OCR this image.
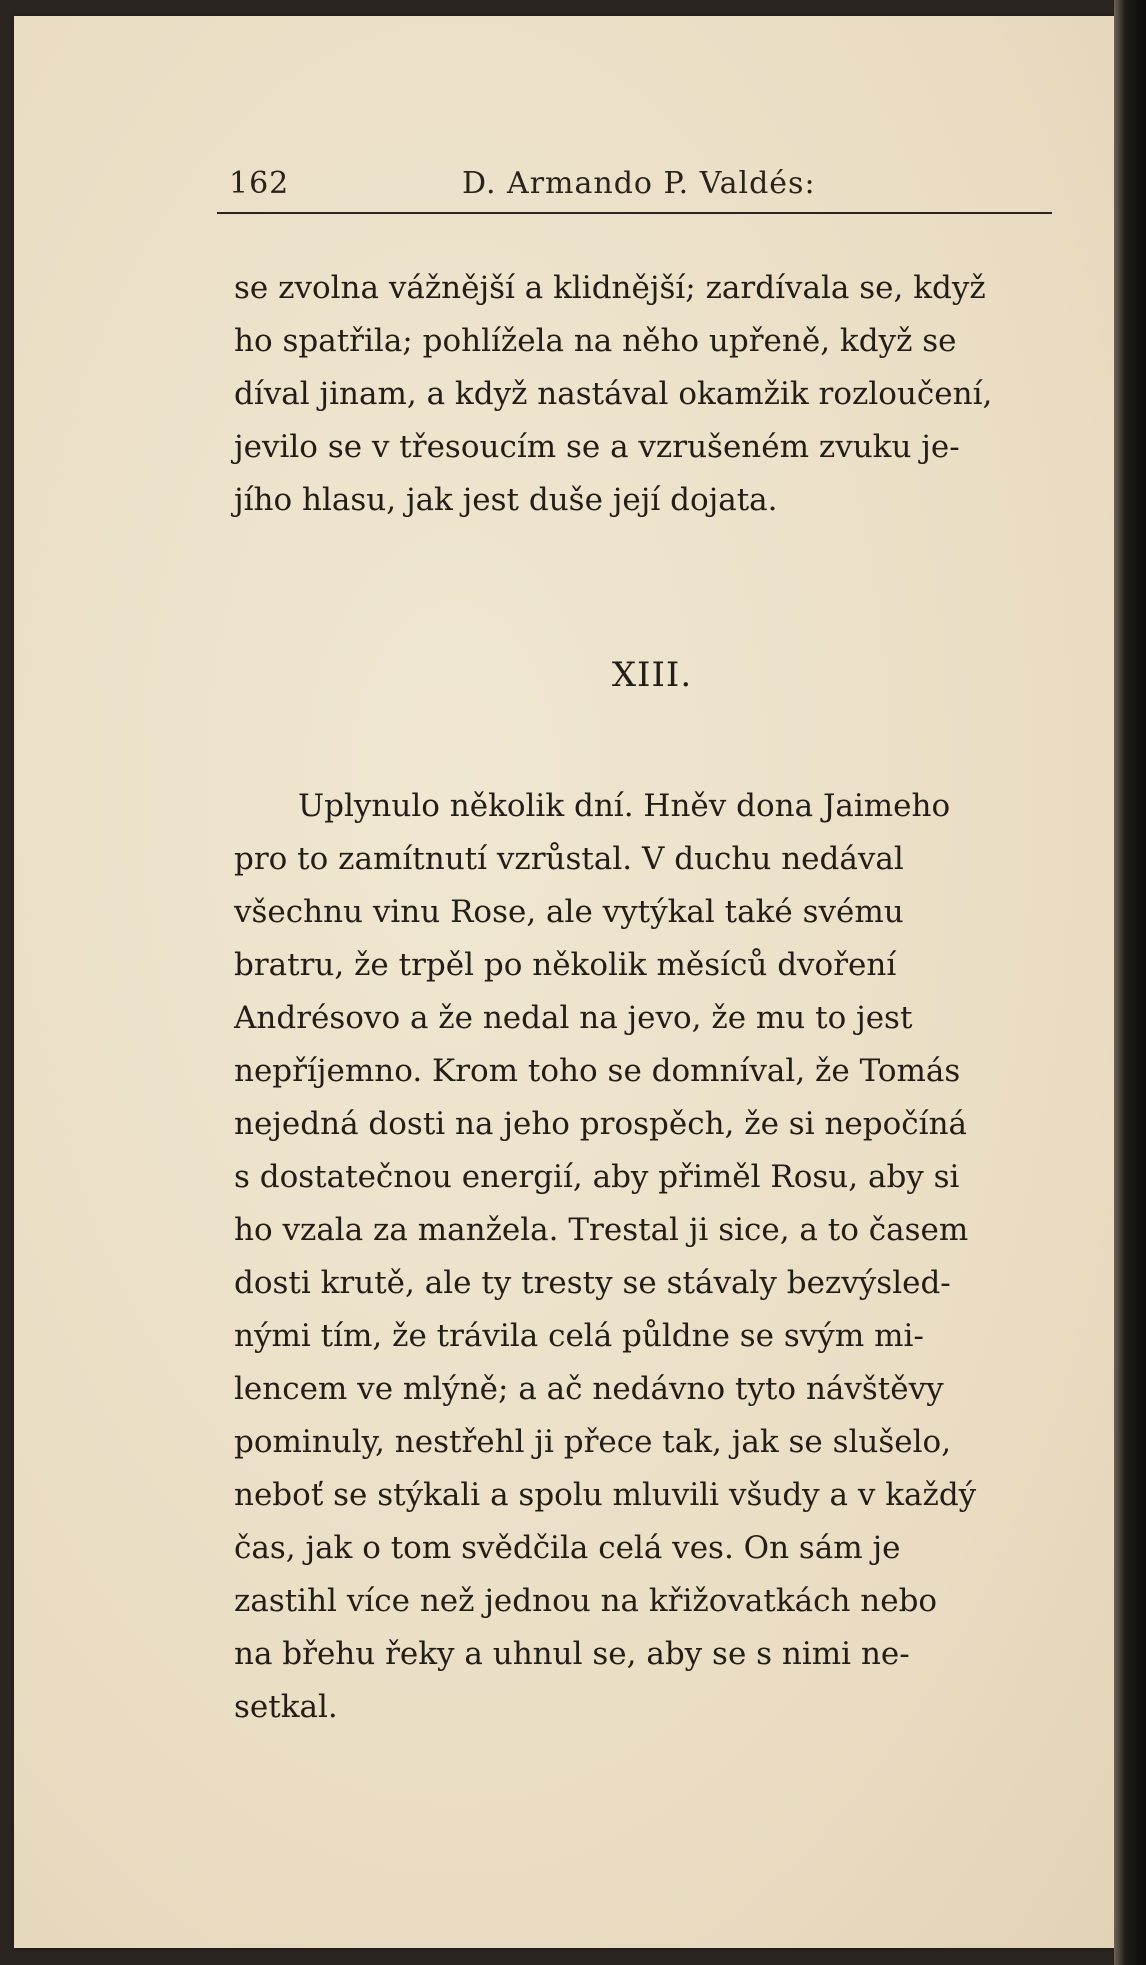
162	D. Armando P. Valdés:
se zvolna vážnější a klidnější; zardívala se, když
ho spatřila; pohlížela na něho upřeně, když se
díval jinam, a když nastával okamžik rozloučení,
jevilo se v třesoucím se a vzrušeném zvuku je-
jího hlasu, jak jest duše její dojata.
XIII.
Uplynulo několik dní. Hněv dona Jaimeho
pro to zamítnutí vzrůstal. V duchu nedával
všechnu vinu Rose, ale vytýkal také svému
bratru, že trpěl po několik měsíců dvoření
Andrésovo a že nedal na jevo, že mu to jest
nepříjemno. Krom toho se domníval, že Tomás
nejedná dosti na jeho prospěch, že si nepočíná
s dostatečnou energií, aby přiměl Rosu, aby si
ho vzala za manžela. Trestal ji sice, a to časem
dosti krutě, ale ty tresty se stávaly bezvýsled-
nými tím, že trávila celá půldne se svým mi-
lencem ve mlýně; a ač nedávno tyto návštěvy
pominuly, nestřehl ji přece tak, jak se slušelo,
neboť se stýkali a spolu mluvili všudy a v každý
čas, jak o tom svědčila celá ves. On sám je
zastihl více než jednou na křižovatkách nebo
na břehu řeky a uhnul se, aby se s nimi ne-
setkal.
